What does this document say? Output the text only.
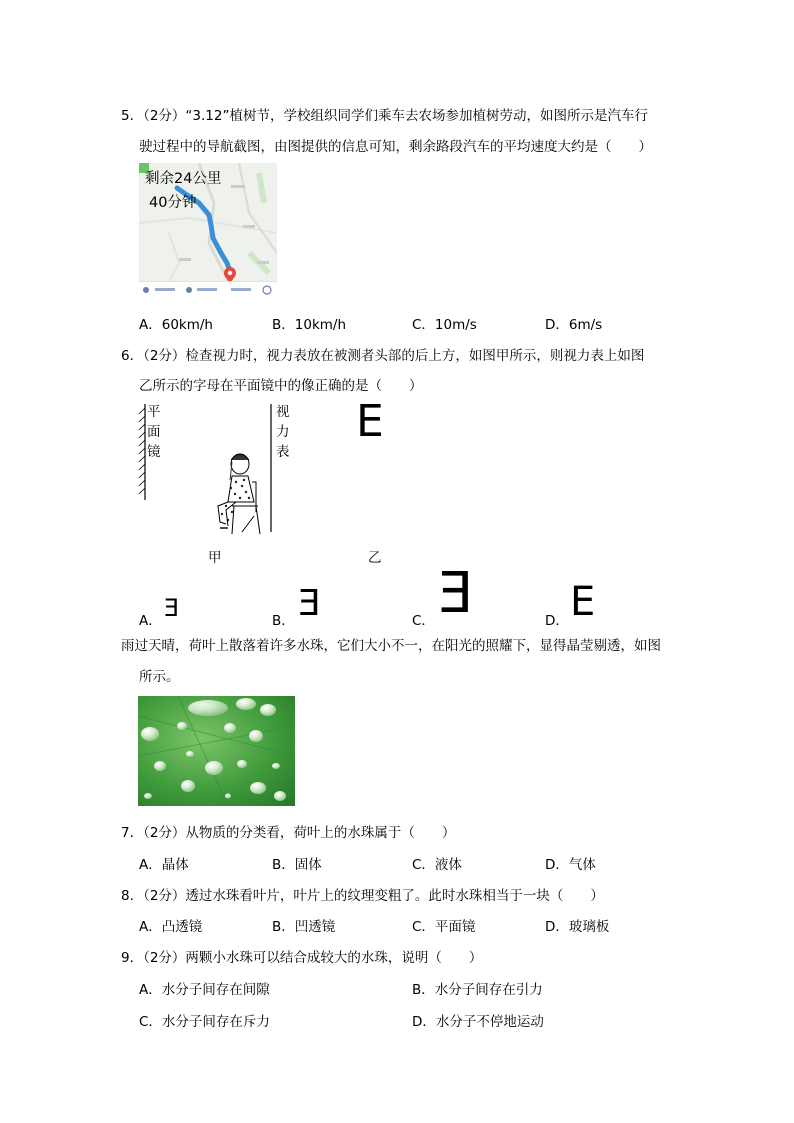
5．（2分）“3.12”植树节，学校组织同学们乘车去农场参加植树劳动，如图所示是汽车行
驶过程中的导航截图，由图提供的信息可知，剩余路段汽车的平均速度大约是（　　）
剩余24公里
40分钟
A．60km/h	B．10km/h	C．10m/s	D．6m/s
6．（2分）检查视力时，视力表放在被测者头部的后上方，如图甲所示，则视力表上如图
乙所示的字母在平面镜中的像正确的是（　　）
平
面
镜
视
力
表
甲
E
乙
A． E	B． E	C． E	D． E
雨过天晴，荷叶上散落着许多水珠，它们大小不一，在阳光的照耀下，显得晶莹剔透，如图
所示。
7．（2分）从物质的分类看，荷叶上的水珠属于（　　）
A．晶体	B．固体	C．液体	D．气体
8．（2分）透过水珠看叶片，叶片上的纹理变粗了。此时水珠相当于一块（　　）
A．凸透镜	B．凹透镜	C．平面镜	D．玻璃板
9．（2分）两颗小水珠可以结合成较大的水珠，说明（　　）
A．水分子间存在间隙	B．水分子间存在引力
C．水分子间存在斥力	D．水分子不停地运动
